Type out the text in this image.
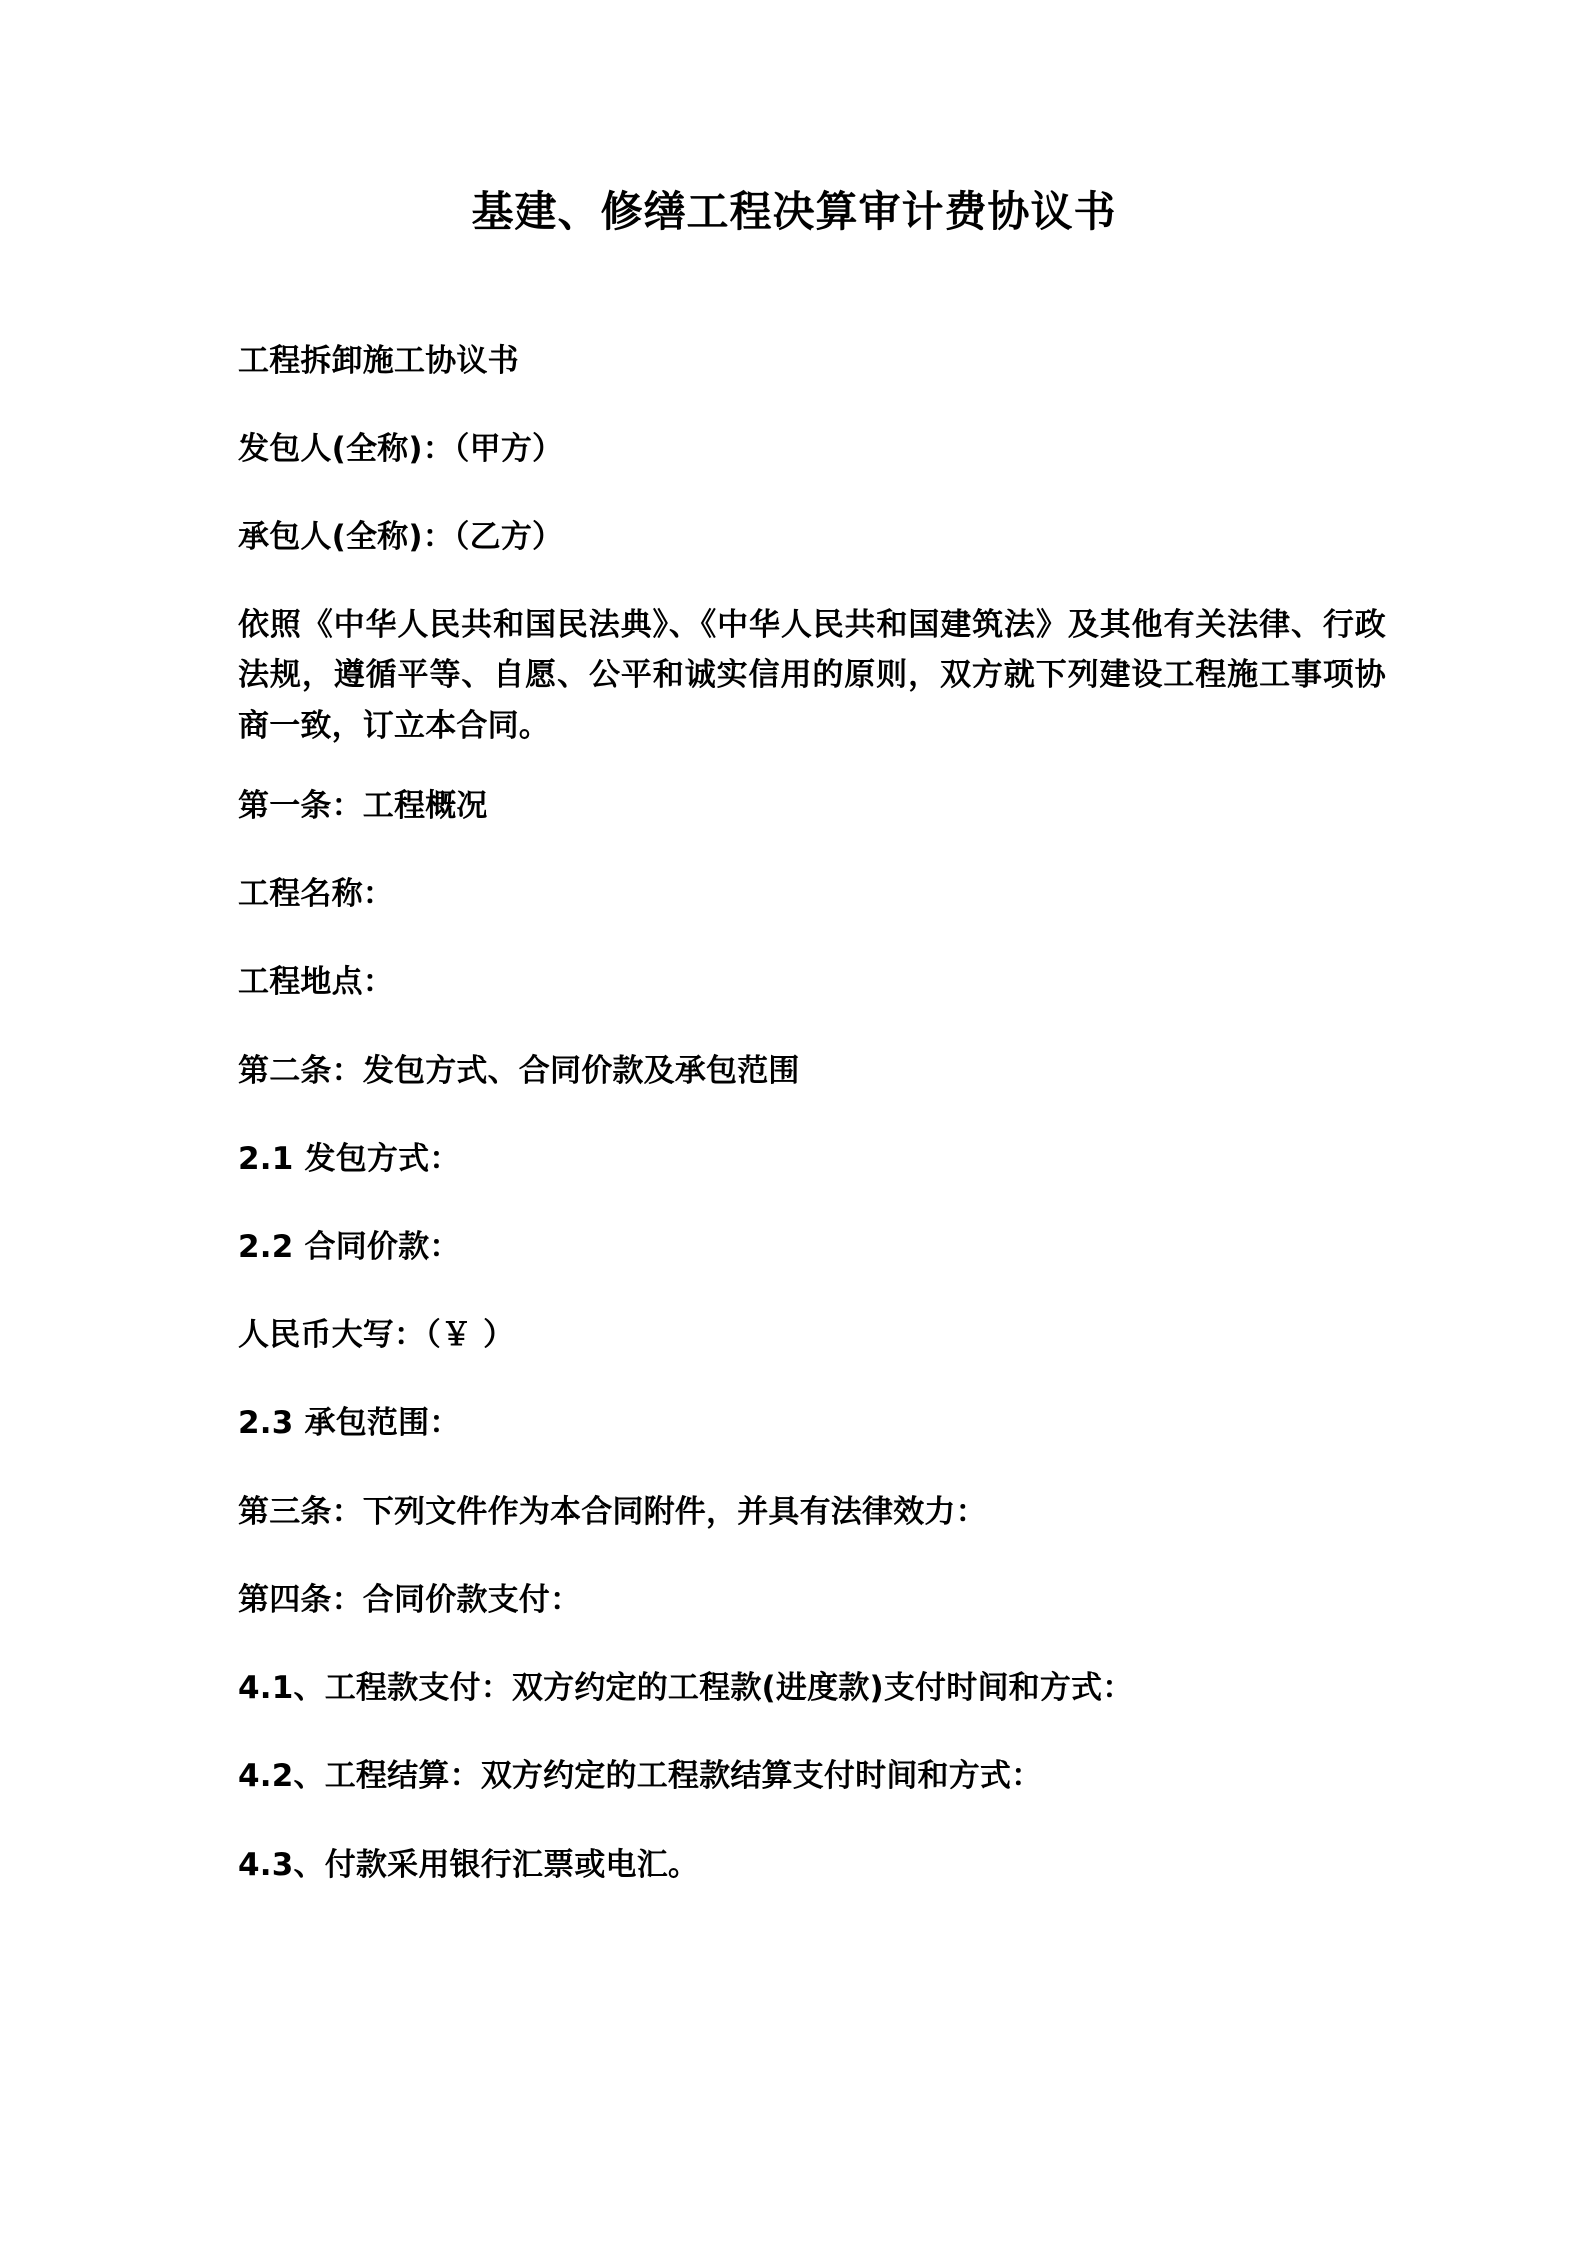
基建、修缮工程决算审计费协议书

工程拆卸施工协议书

发包人(全称)：（甲方）

承包人(全称)：（乙方）

依照《中华人民共和国民法典》、《中华人民共和国建筑法》及其他有关法律、行政法规，遵循平等、自愿、公平和诚实信用的原则，双方就下列建设工程施工事项协商一致，订立本合同。

第一条：工程概况

工程名称：

工程地点：

第二条：发包方式、合同价款及承包范围

2.1 发包方式：

2.2 合同价款：

人民币大写：（￥ ）

2.3 承包范围：

第三条：下列文件作为本合同附件，并具有法律效力：

第四条：合同价款支付：

4.1、工程款支付：双方约定的工程款(进度款)支付时间和方式：

4.2、工程结算：双方约定的工程款结算支付时间和方式：

4.3、付款采用银行汇票或电汇。
